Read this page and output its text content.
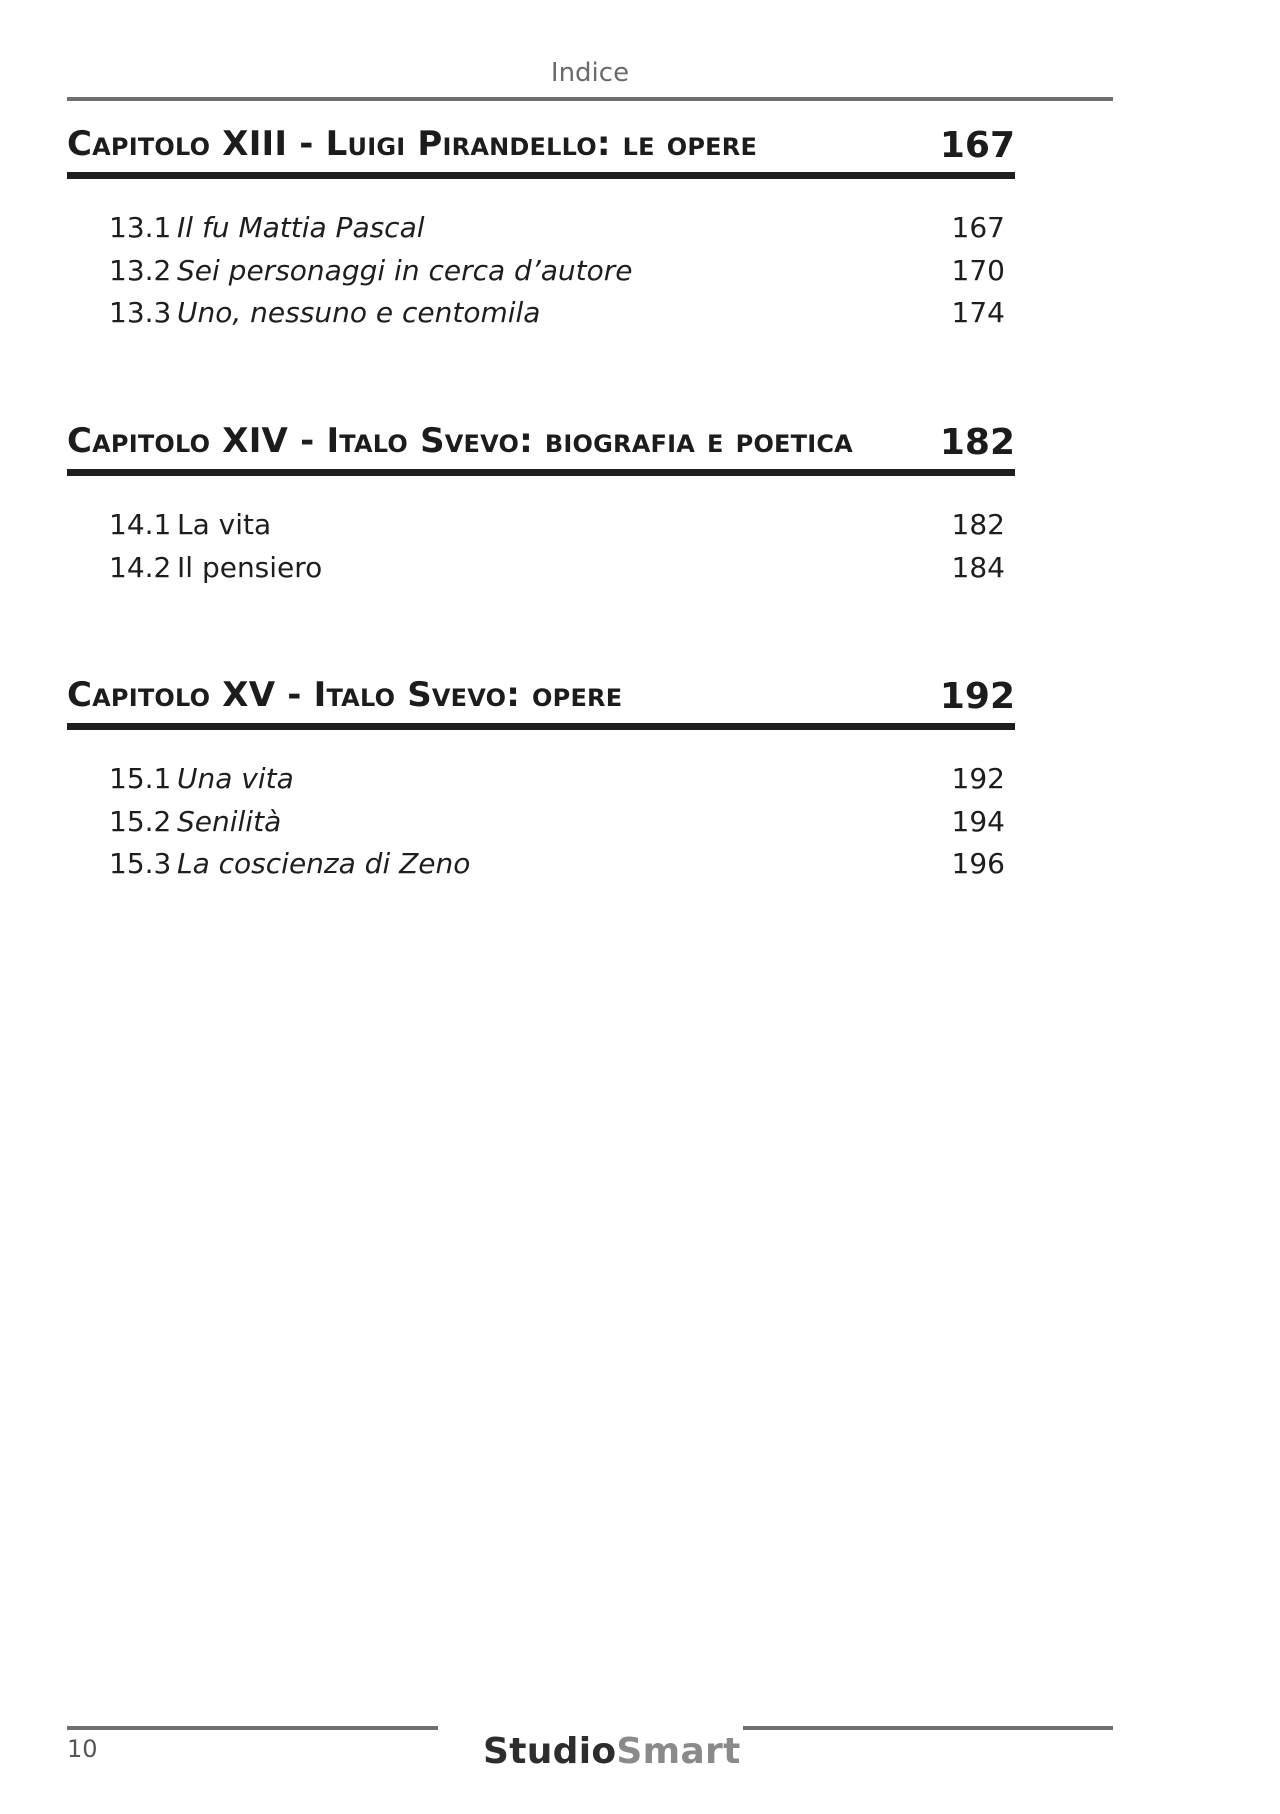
Indice
Capitolo XIII - Luigi Pirandello: le opere	167
13.1 Il fu Mattia Pascal	167
13.2 Sei personaggi in cerca d’autore	170
13.3 Uno, nessuno e centomila	174
Capitolo XIV - Italo Svevo: biografia e poetica 182
14.1 La vita	182
14.2 Il pensiero	184
Capitolo XV - Italo Svevo: opere	192
15.1 Una vita	192
15.2 Senilità	194
15.3 La coscienza di Zeno	196
10	StudioSmart
